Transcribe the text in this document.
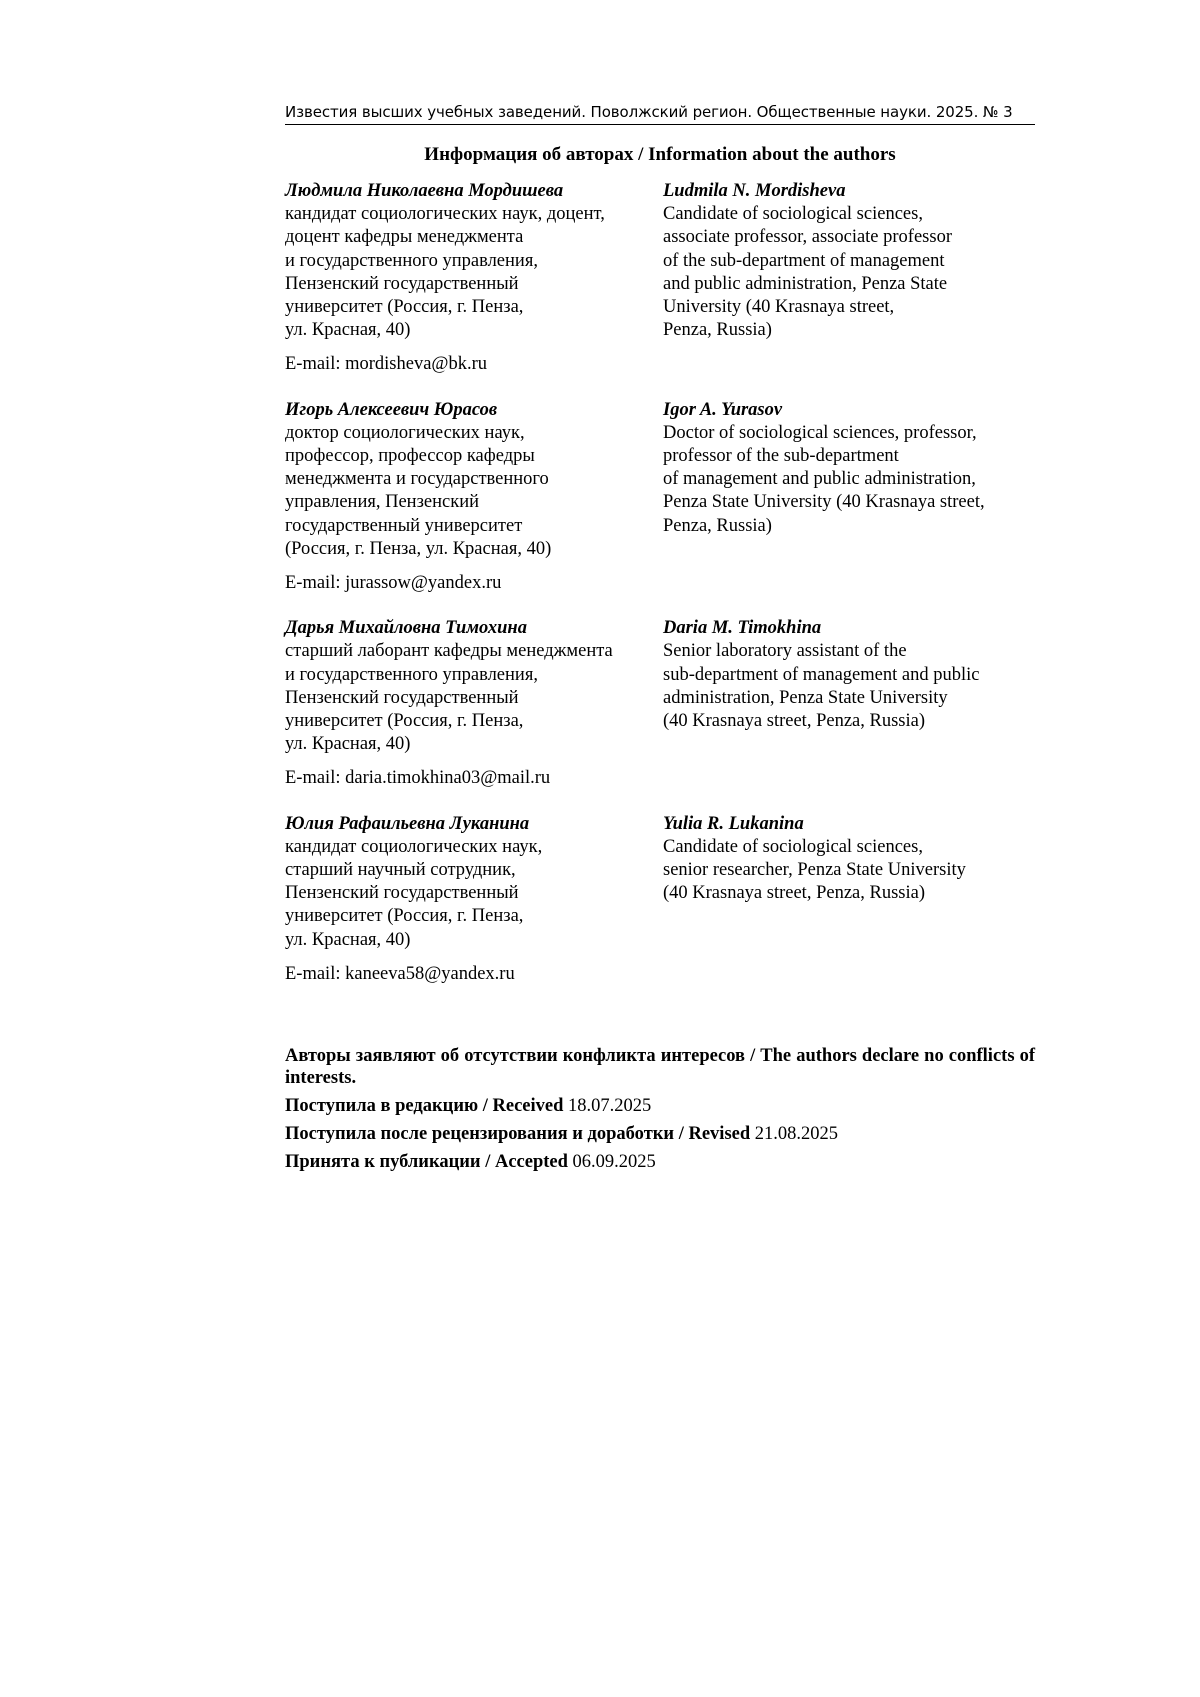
Известия высших учебных заведений. Поволжский регион. Общественные науки. 2025. № 3
Информация об авторах / Information about the authors
Людмила Николаевна Мордишева
кандидат социологических наук, доцент,
доцент кафедры менеджмента
и государственного управления,
Пензенский государственный
университет (Россия, г. Пенза,
ул. Красная, 40)
E-mail: mordisheva@bk.ru
Ludmila N. Mordisheva
Candidate of sociological sciences,
associate professor, associate professor
of the sub-department of management
and public administration, Penza State
University (40 Krasnaya street,
Penza, Russia)
Игорь Алексеевич Юрасов
доктор социологических наук,
профессор, профессор кафедры
менеджмента и государственного
управления, Пензенский
государственный университет
(Россия, г. Пенза, ул. Красная, 40)
E-mail: jurassow@yandex.ru
Igor A. Yurasov
Doctor of sociological sciences, professor,
professor of the sub-department
of management and public administration,
Penza State University (40 Krasnaya street,
Penza, Russia)
Дарья Михайловна Тимохина
старший лаборант кафедры менеджмента
и государственного управления,
Пензенский государственный
университет (Россия, г. Пенза,
ул. Красная, 40)
E-mail: daria.timokhina03@mail.ru
Daria M. Timokhina
Senior laboratory assistant of the
sub-department of management and public
administration, Penza State University
(40 Krasnaya street, Penza, Russia)
Юлия Рафаильевна Луканина
кандидат социологических наук,
старший научный сотрудник,
Пензенский государственный
университет (Россия, г. Пенза,
ул. Красная, 40)
E-mail: kaneeva58@yandex.ru
Yulia R. Lukanina
Candidate of sociological sciences,
senior researcher, Penza State University
(40 Krasnaya street, Penza, Russia)
Авторы заявляют об отсутствии конфликта интересов / The authors declare no conflicts of interests.
Поступила в редакцию / Received 18.07.2025
Поступила после рецензирования и доработки / Revised 21.08.2025
Принята к публикации / Accepted 06.09.2025
